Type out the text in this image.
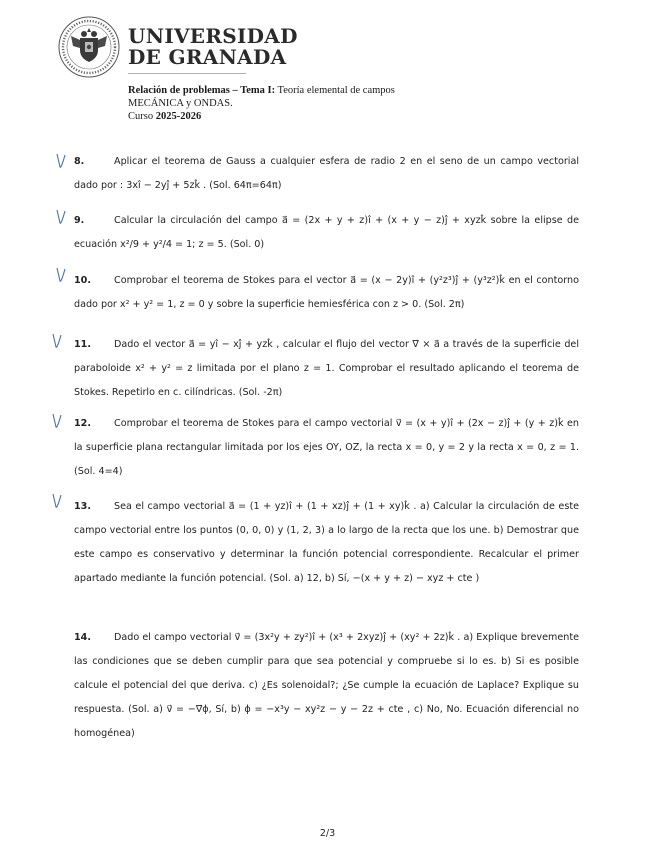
UNIVERSIDAD
DE GRANADA
Relación de problemas – Tema I: Teoría elemental de campos
MECÁNICA y ONDAS.
Curso 2025-2026
8.	Aplicar el teorema de Gauss a cualquier esfera de radio 2 en el seno de un campo vectorial dado por : 3xî − 2yĵ + 5zk̂ . (Sol. 64π=64π)
9.	Calcular la circulación del campo a⃗ = (2x + y + z)î + (x + y − z)ĵ + xyzk̂ sobre la elipse de ecuación x²/9 + y²/4 = 1; z = 5. (Sol. 0)
10. Comprobar el teorema de Stokes para el vector a⃗ = (x − 2y)î + (y²z³)ĵ + (y³z²)k̂ en el contorno dado por x² + y² = 1, z = 0 y sobre la superficie hemiesférica con z > 0. (Sol. 2π)
11. Dado el vector a⃗ = yî − xĵ + yzk̂ , calcular el flujo del vector ∇⃗ × a⃗ a través de la superficie del paraboloide x² + y² = z limitada por el plano z = 1. Comprobar el resultado aplicando el teorema de Stokes. Repetirlo en c. cilíndricas. (Sol. -2π)
12. Comprobar el teorema de Stokes para el campo vectorial v⃗ = (x + y)î + (2x − z)ĵ + (y + z)k̂ en la superficie plana rectangular limitada por los ejes OY, OZ, la recta x = 0, y = 2 y la recta x = 0, z = 1. (Sol. 4=4)
13. Sea el campo vectorial a⃗ = (1 + yz)î + (1 + xz)ĵ + (1 + xy)k̂ . a) Calcular la circulación de este campo vectorial entre los puntos (0, 0, 0) y (1, 2, 3) a lo largo de la recta que los une. b) Demostrar que este campo es conservativo y determinar la función potencial correspondiente. Recalcular el primer apartado mediante la función potencial. (Sol. a) 12, b) Sí, −(x + y + z) − xyz + cte )
14. Dado el campo vectorial v⃗ = (3x²y + zy²)î + (x³ + 2xyz)ĵ + (xy² + 2z)k̂ . a) Explique brevemente las condiciones que se deben cumplir para que sea potencial y compruebe si lo es. b) Si es posible calcule el potencial del que deriva. c) ¿Es solenoidal?; ¿Se cumple la ecuación de Laplace? Explique su respuesta. (Sol. a) v⃗ = −∇⃗ϕ, Sí, b) ϕ = −x³y − xy²z − y − 2z + cte , c) No, No. Ecuación diferencial no homogénea)
2/3
